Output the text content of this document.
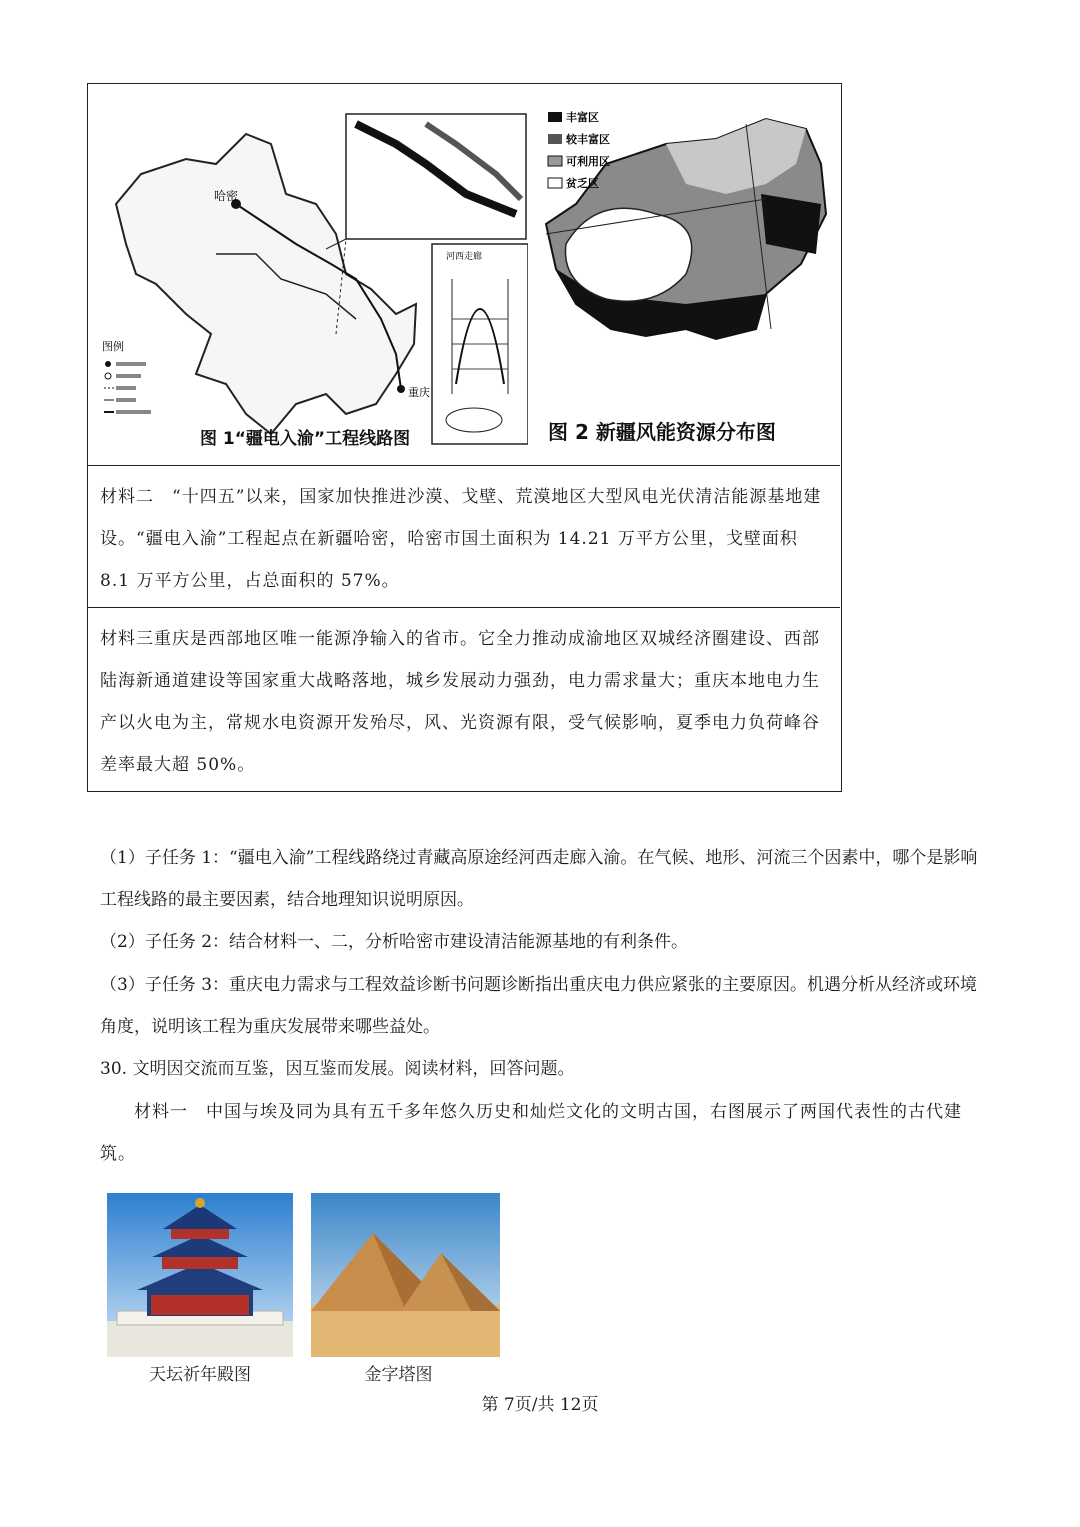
哈密
重庆
图例
河西走廊
丰富区
较丰富区
可利用区
贫乏区
图 1“疆电入渝”工程线路图	图 2 新疆风能资源分布图
材料二　“十四五”以来，国家加快推进沙漠、戈壁、荒漠地区大型风电光伏清洁能源基地建设。“疆电入渝”工程起点在新疆哈密，哈密市国土面积为 14.21 万平方公里，戈壁面积 8.1 万平方公里，占总面积的 57%。
材料三重庆是西部地区唯一能源净输入的省市。它全力推动成渝地区双城经济圈建设、西部陆海新通道建设等国家重大战略落地，城乡发展动力强劲，电力需求量大；重庆本地电力生产以火电为主，常规水电资源开发殆尽，风、光资源有限，受气候影响，夏季电力负荷峰谷差率最大超 50%。
（1）子任务 1：“疆电入渝”工程线路绕过青藏高原途经河西走廊入渝。在气候、地形、河流三个因素中，哪个是影响工程线路的最主要因素，结合地理知识说明原因。
（2）子任务 2：结合材料一、二，分析哈密市建设清洁能源基地的有利条件。
（3）子任务 3：重庆电力需求与工程效益诊断书问题诊断指出重庆电力供应紧张的主要原因。机遇分析从经济或环境角度，说明该工程为重庆发展带来哪些益处。
30. 文明因交流而互鉴，因互鉴而发展。阅读材料，回答问题。
材料一　中国与埃及同为具有五千多年悠久历史和灿烂文化的文明古国，右图展示了两国代表性的古代建筑。
天坛祈年殿图	金字塔图
第 7页/共 12页
